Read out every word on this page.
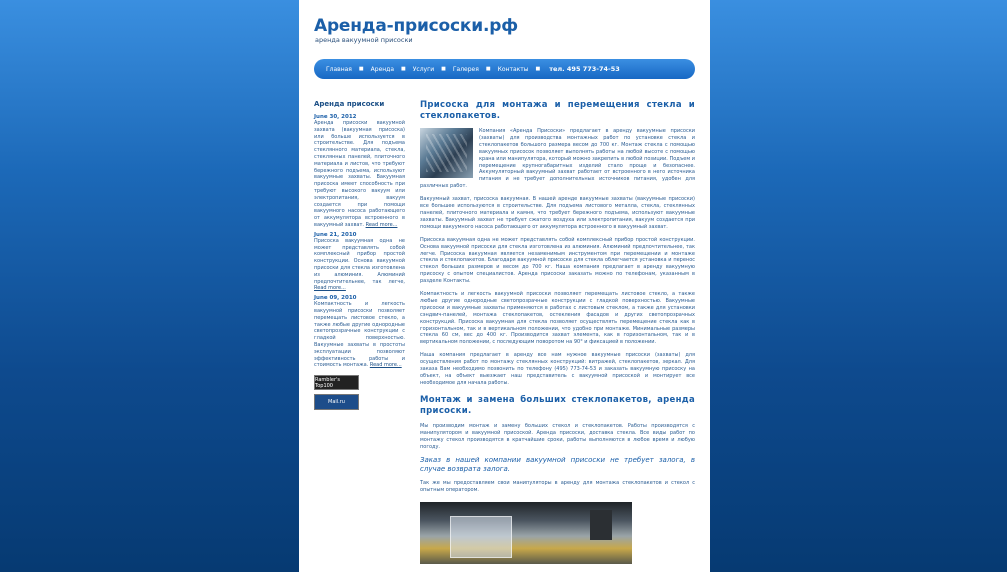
Аренда-присоски.рф
аренда вакуумной присоски
Главная ■ Аренда ■ Услуги ■ Галерея ■ Контакты ■ тел. 495 773-74-53
Аренда присоски
June 30, 2012
Аренда присоски вакуумной захвата (вакуумная присоска) или больше используется в строительстве. Для подъема стеклянного материала, стекла, стеклянных панелей, плиточного материала и листов, что требуют бережного подъема, используют вакуумные захваты. Вакуумная присоска имеет способность при требуют высокого вакуум или электропитания, вакуум создается при помощи вакуумного насоса работающего от аккумулятора встроенного в вакуумный захват. Read more...
June 21, 2010
Присоска вакуумная одна не может представлять собой комплексный прибор простой конструкции. Основа вакуумной присоски для стекла изготовлена из алюминия. Алюминий предпочтительнее, так легче, Read more...
June 09, 2010
Компактность и легкость вакуумной присоски позволяет перемещать листовое стекло, а также любые другие однородные светопрозрачные конструкции с гладкой поверхностью. Вакуумные захваты в простоты эксплуатации позволяют эффективность работы и стоимость монтажа. Read more...
Rambler's Top100
Mail.ru
Присоска для монтажа и перемещения стекла и стеклопакетов.

Компания «Аренда Присоски» предлагает в аренду вакуумные присоски (захваты) для производства монтажных работ по установке стекла и стеклопакетов большого размера весом до 700 кг. Монтаж стекла с помощью вакуумных присосок позволяет выполнять работы на любой высоте с помощью крана или манипулятора, который можно закрепить в любой позиции. Подъем и перемещение крупногабаритных изделий стало проще и безопаснее. Аккумуляторный вакуумный захват работает от встроенного в него источника питания и не требует дополнительных источников питания, удобен для различных работ.

Вакуумный захват, присоска вакуумная. В нашей аренде вакуумные захваты (вакуумные присоски) все большее используются в строительстве. Для подъема листового металла, стекла, стеклянных панелей, плиточного материала и камня, что требует бережного подъема, используют вакуумные захваты. Вакуумный захват не требует сжатого воздуха или электропитания, вакуум создается при помощи вакуумного насоса работающего от аккумулятора встроенного в вакуумный захват.

Присоска вакуумная одна не может представлять собой комплексный прибор простой конструкции. Основа вакуумной присоски для стекла изготовлена из алюминия. Алюминий предпочтительнее, так легче. Присоска вакуумная является незаменимым инструментом при перемещении и монтаже стекла и стеклопакетов. Благодаря вакуумной присоске для стекла облегчается установка и перенос стекол больших размеров и весом до 700 кг. Наша компания предлагает в аренду вакуумную присоску с опытом специалистов. Аренда присоски заказать можно по телефонам, указанным в разделе Контакты.

Компактность и легкость вакуумной присоски позволяет перемещать листовое стекло, а также любые другие однородные светопрозрачные конструкции с гладкой поверхностью. Вакуумные присоски и вакуумные захваты применяются в работах с листовым стеклом, а также для установки сэндвич-панелей, монтажа стеклопакетов, остекления фасадов и других светопрозрачных конструкций. Присоска вакуумная для стекла позволяет осуществлять перемещение стекла как в горизонтальном, так и в вертикальном положении, что удобно при монтаже. Минимальные размеры стекла 60 см, вес до 400 кг. Производится захват элемента, как в горизонтальном, так и в вертикальном положении, с последующим поворотом на 90° и фиксацией в положении.

Наша компания предлагает в аренду все нам нужное вакуумные присоски (захваты) для осуществления работ по монтажу стеклянных конструкций: витражей, стеклопакетов, зеркал. Для заказа Вам необходимо позвонить по телефону (495) 773-74-53 и заказать вакуумную присоску на объект, на объект выезжает наш представитель с вакуумной присоской и монтирует все необходимое для начала работы.

Монтаж и замена больших стеклопакетов, аренда присоски.

Мы производим монтаж и замену больших стекол и стеклопакетов. Работы производятся с манипулятором и вакуумной присоской. Аренда присоски, доставка стекла. Все виды работ по монтажу стекол производятся в кратчайшие сроки, работы выполняются в любое время и любую погоду.

Заказ в нашей компании вакуумной присоски не требует залога, в случае возврата залога.

Так же мы предоставляем свои манипуляторы в аренду для монтажа стеклопакетов и стекол с опытным оператором.
